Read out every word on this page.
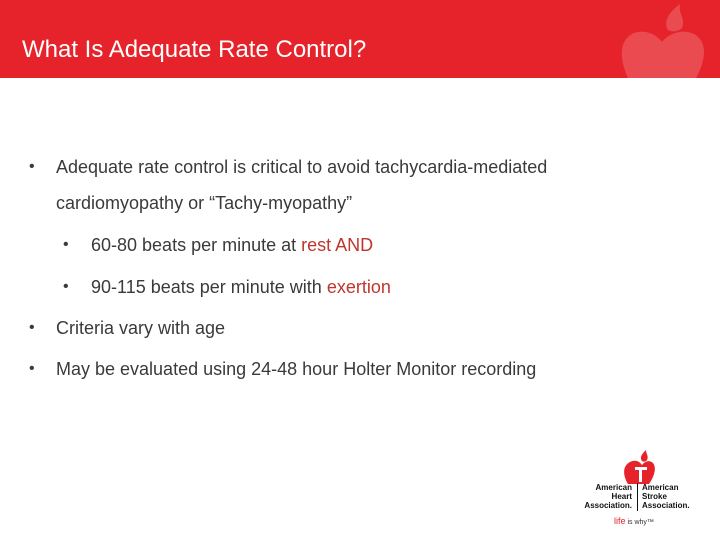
What Is Adequate Rate Control?
• Adequate rate control is critical to avoid tachycardia-mediated
cardiomyopathy or “Tachy-myopathy”
• 60-80 beats per minute at rest AND
• 90-115 beats per minute with exertion
• Criteria vary with age
• May be evaluated using 24-48 hour Holter Monitor recording
American
Heart
Association.
American
Stroke
Association.
life is why™
